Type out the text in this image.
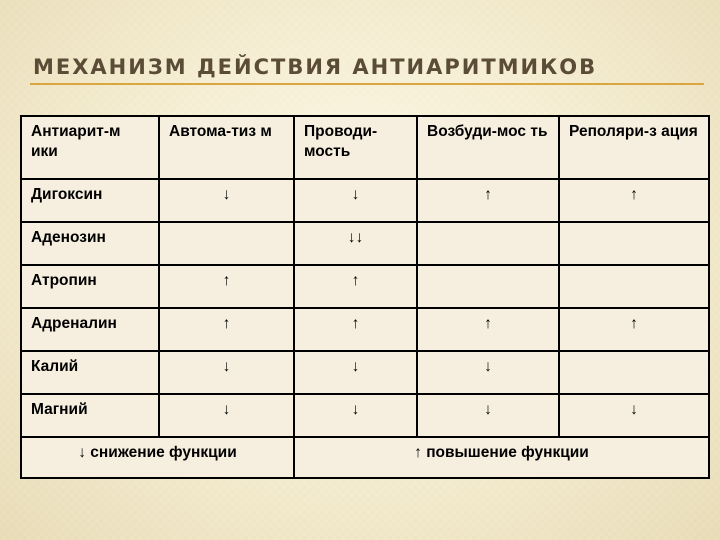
МЕХАНИЗМ ДЕЙСТВИЯ АНТИАРИТМИКОВ
Антиарит-м ики	Автома-тиз м	Проводи- мость	Возбуди-мос ть	Реполяри-з ация
Дигоксин	↓	↓	↑	↑
Аденозин		↓↓		
Атропин	↑	↑		
Адреналин	↑	↑	↑	↑
Калий	↓	↓	↓	
Магний	↓	↓	↓	↓
↓ снижение функции		↑ повышение функции		
